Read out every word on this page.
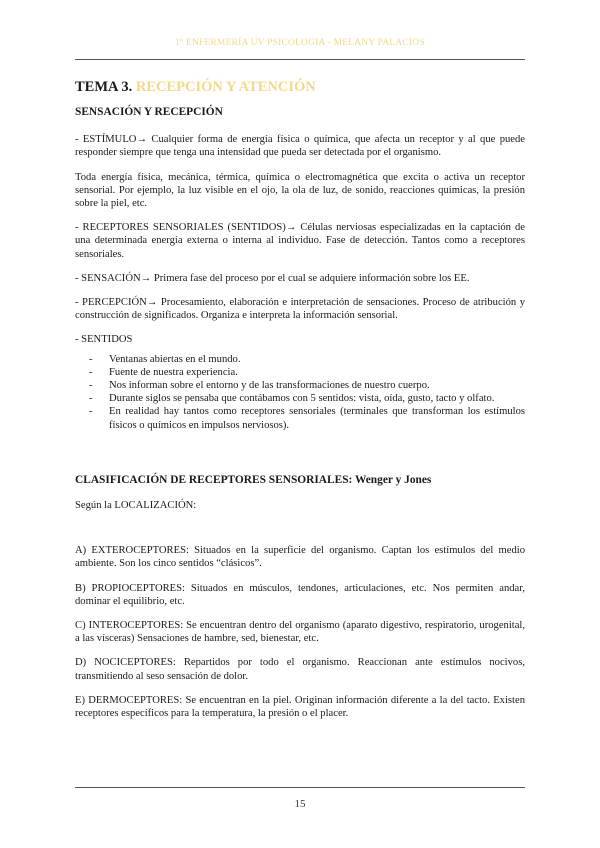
1º ENFERMERÍA UV PSICOLOGIA - MELANY PALACIOS
TEMA 3. RECEPCIÓN Y ATENCIÓN
SENSACIÓN Y RECEPCIÓN

- ESTÍMULO→ Cualquier forma de energía física o química, que afecta un receptor y al que puede responder siempre que tenga una intensidad que pueda ser detectada por el organismo.

Toda energía física, mecánica, térmica, química o electromagnética que excita o activa un receptor sensorial. Por ejemplo, la luz visible en el ojo, la ola de luz, de sonido, reacciones químicas, la presión sobre la piel, etc.

- RECEPTORES SENSORIALES (SENTIDOS)→ Células nerviosas especializadas en la captación de una determinada energía externa o interna al individuo. Fase de detección. Tantos como a receptores sensoriales.

- SENSACIÓN→ Primera fase del proceso por el cual se adquiere información sobre los EE.

- PERCEPCIÓN→ Procesamiento, elaboración e interpretación de sensaciones. Proceso de atribución y construcción de significados. Organiza e interpreta la información sensorial.

- SENTIDOS

- Ventanas abiertas en el mundo.
- Fuente de nuestra experiencia.
- Nos informan sobre el entorno y de las transformaciones de nuestro cuerpo.
- Durante siglos se pensaba que contábamos con 5 sentidos: vista, oída, gusto, tacto y olfato.
- En realidad hay tantos como receptores sensoriales (terminales que transforman los estímulos físicos o químicos en impulsos nerviosos).
CLASIFICACIÓN DE RECEPTORES SENSORIALES: Wenger y Jones

Según la LOCALIZACIÓN:

A) EXTEROCEPTORES: Situados en la superficie del organismo. Captan los estímulos del medio ambiente. Son los cinco sentidos “clásicos”.

B) PROPIOCEPTORES: Situados en músculos, tendones, articulaciones, etc. Nos permiten andar, dominar el equilibrio, etc.

C) INTEROCEPTORES: Se encuentran dentro del organismo (aparato digestivo, respiratorio, urogenital, a las vísceras) Sensaciones de hambre, sed, bienestar, etc.

D) NOCICEPTORES: Repartidos por todo el organismo. Reaccionan ante estímulos nocivos, transmitiendo al seso sensación de dolor.

E) DERMOCEPTORES: Se encuentran en la piel. Originan información diferente a la del tacto. Existen receptores específicos para la temperatura, la presión o el placer.

15
